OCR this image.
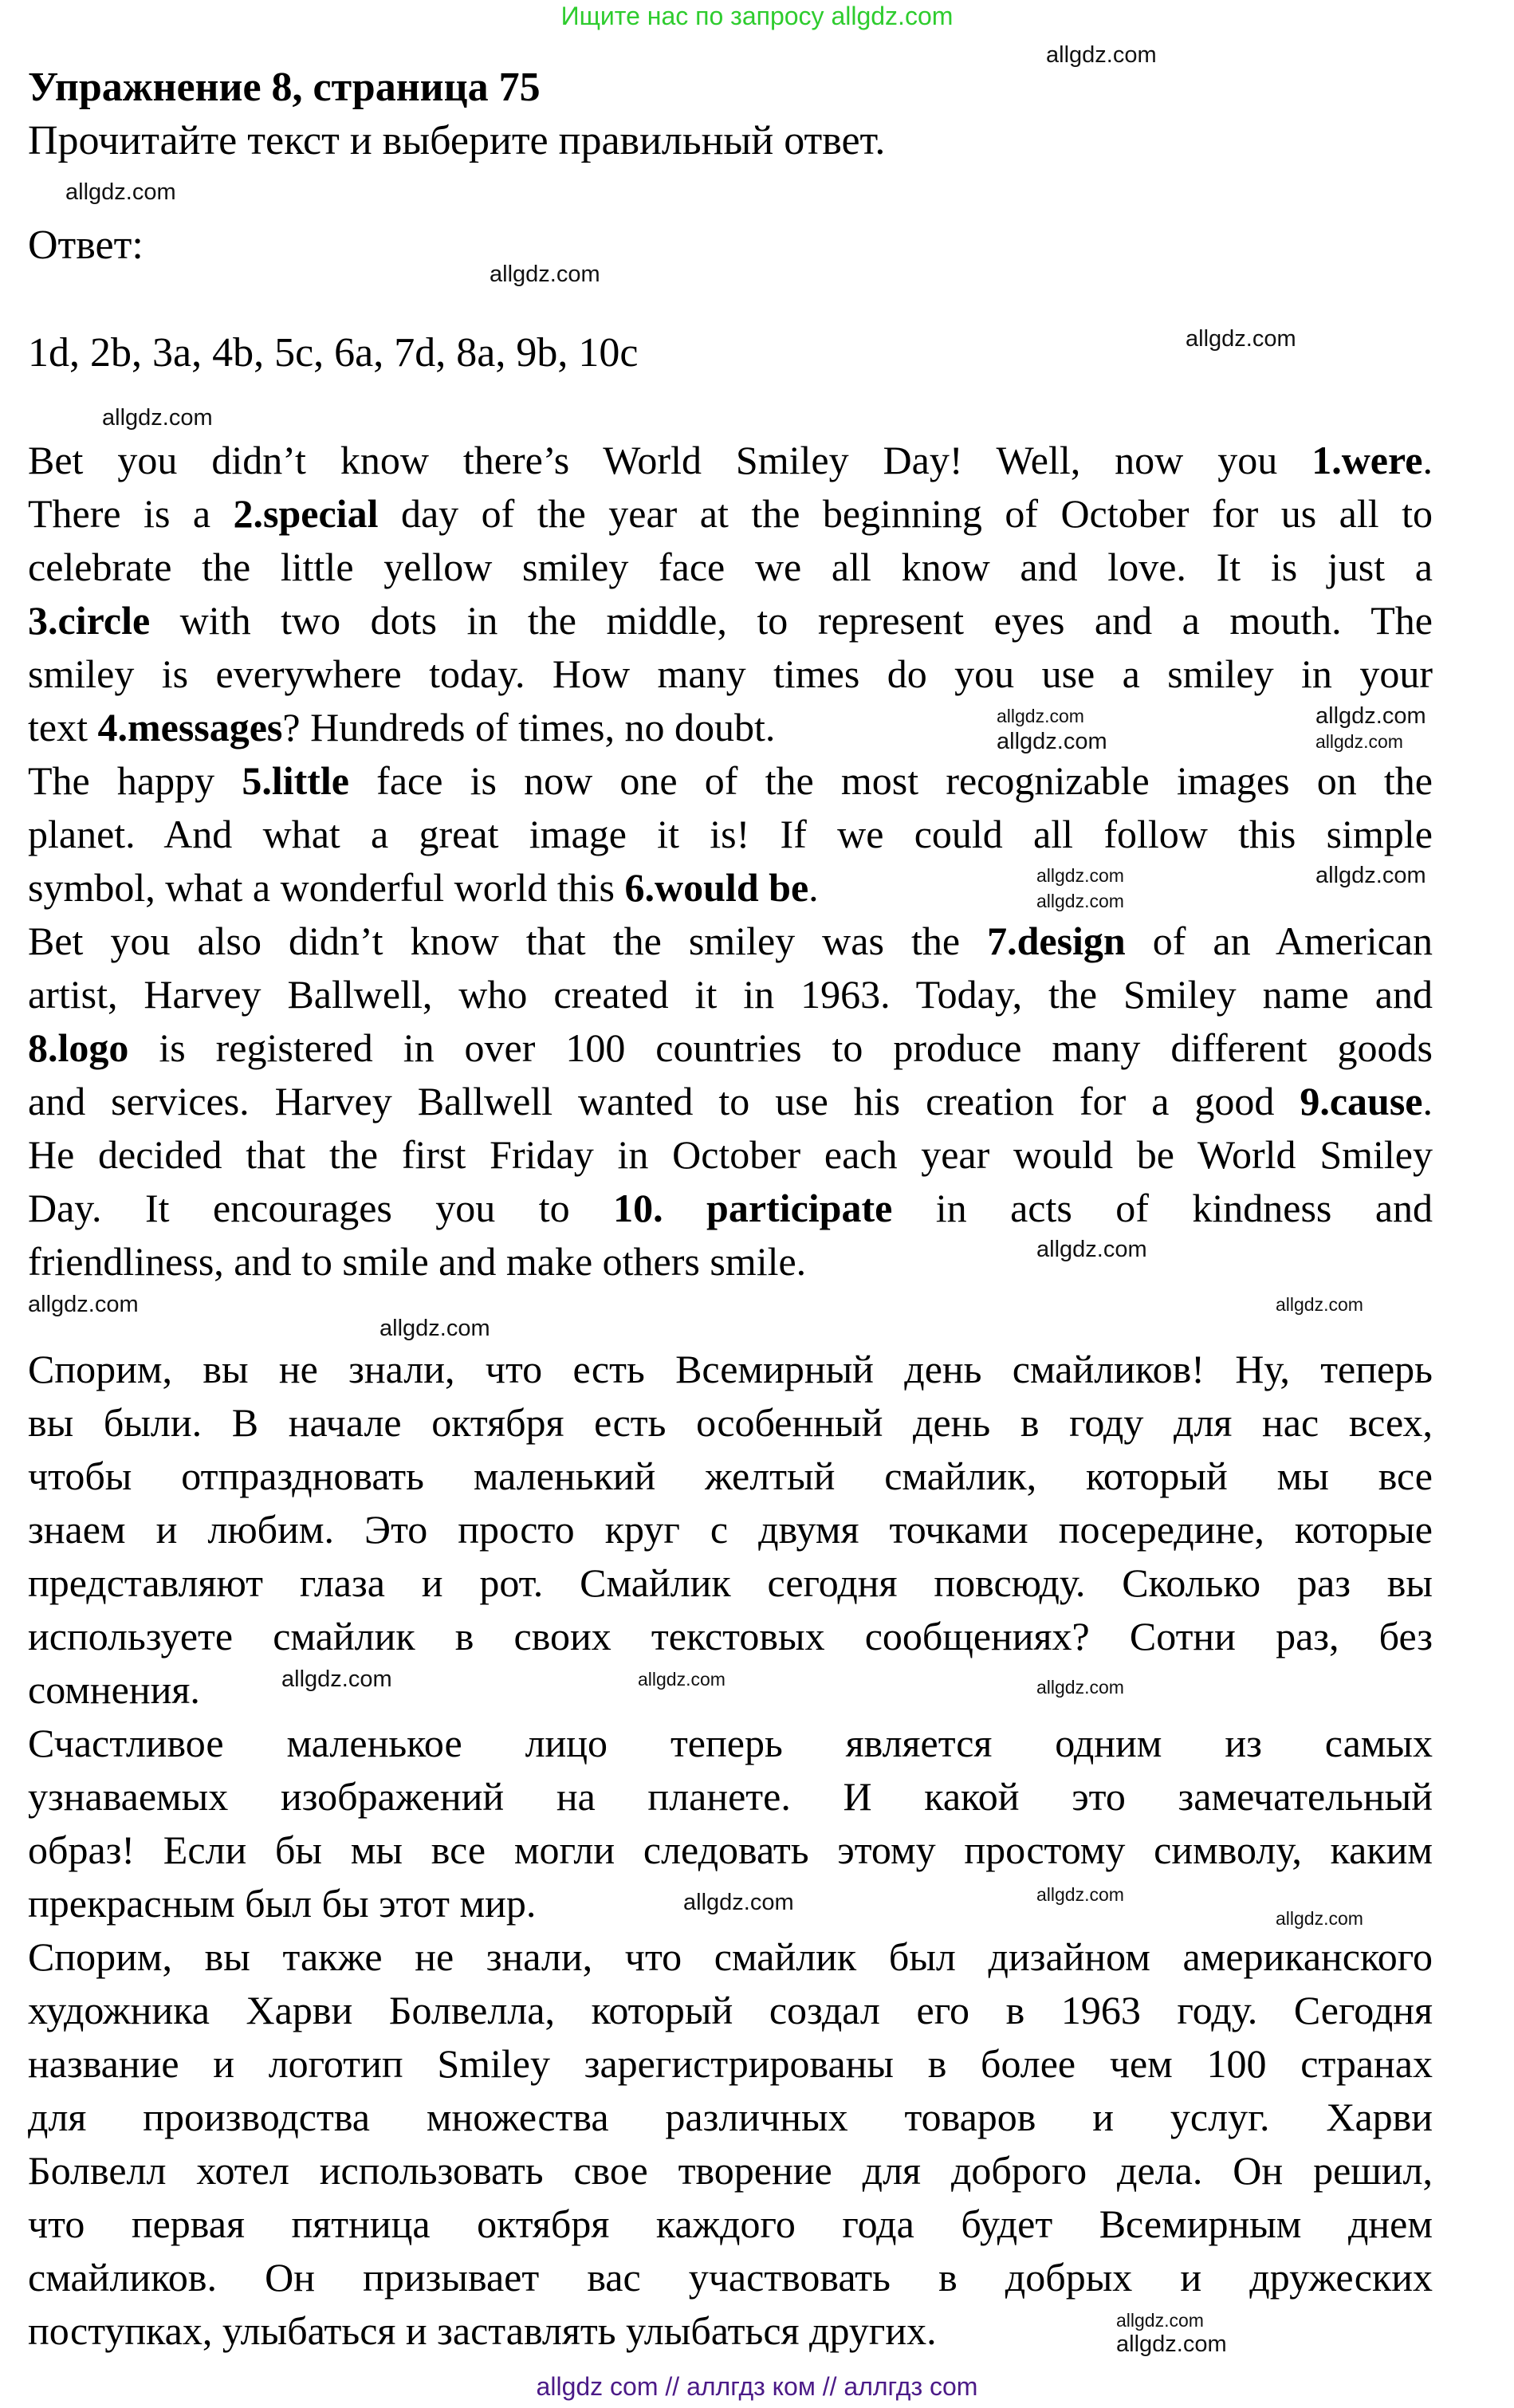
Ищите нас по запросу allgdz.com
Упражнение 8, страница 75
Прочитайте текст и выберите правильный ответ.
Ответ:
1d, 2b, 3a, 4b, 5c, 6a, 7d, 8a, 9b, 10c
Bet you didn’t know there’s World Smiley Day! Well, now you 1.were.
There is a 2.special day of the year at the beginning of October for us all to
celebrate the little yellow smiley face we all know and love. It is just a
3.circle with two dots in the middle, to represent eyes and a mouth. The
smiley is everywhere today. How many times do you use a smiley in your
text 4.messages? Hundreds of times, no doubt.
The happy 5.little face is now one of the most recognizable images on the
planet. And what a great image it is! If we could all follow this simple
symbol, what a wonderful world this 6.would be.
Bet you also didn’t know that the smiley was the 7.design of an American
artist, Harvey Ballwell, who created it in 1963. Today, the Smiley name and
8.logo is registered in over 100 countries to produce many different goods
and services. Harvey Ballwell wanted to use his creation for a good 9.cause.
He decided that the first Friday in October each year would be World Smiley
Day. It encourages you to 10. participate in acts of kindness and
friendliness, and to smile and make others smile.
Спорим, вы не знали, что есть Всемирный день смайликов! Ну, теперь
вы были. В начале октября есть особенный день в году для нас всех,
чтобы отпраздновать маленький желтый смайлик, который мы все
знаем и любим. Это просто круг с двумя точками посередине, которые
представляют глаза и рот. Смайлик сегодня повсюду. Сколько раз вы
используете смайлик в своих текстовых сообщениях? Сотни раз, без
сомнения.
Счастливое маленькое лицо теперь является одним из самых
узнаваемых изображений на планете. И какой это замечательный
образ! Если бы мы все могли следовать этому простому символу, каким
прекрасным был бы этот мир.
Спорим, вы также не знали, что смайлик был дизайном американского
художника Харви Болвелла, который создал его в 1963 году. Сегодня
название и логотип Smiley зарегистрированы в более чем 100 странах
для производства множества различных товаров и услуг. Харви
Болвелл хотел использовать свое творение для доброго дела. Он решил,
что первая пятница октября каждого года будет Всемирным днем
смайликов. Он призывает вас участвовать в добрых и дружеских
поступках, улыбаться и заставлять улыбаться других.
allgdz.com
allgdz.com
allgdz.com
allgdz.com
allgdz.com
allgdz.com	allgdz.com
allgdz.com	allgdz.com
allgdz.com	allgdz.com
allgdz.com
allgdz.com
allgdz.com
allgdz.com
allgdz.com
allgdz.com	allgdz.com	allgdz.com
allgdz.com	allgdz.com
allgdz.com
allgdz.com
allgdz.com
allgdz com // аллгдз ком // аллгдз com
